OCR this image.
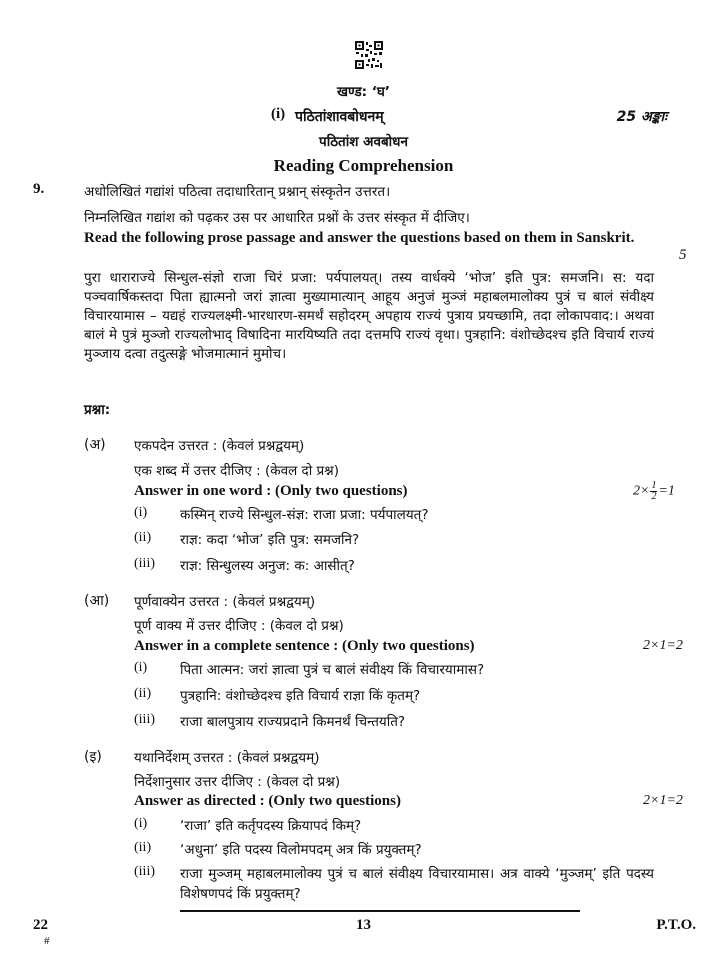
खण्ड: ‘घ’
(i) पठितांशावबोधनम्	25 अङ्काः
पठितांश अवबोधन
Reading Comprehension
9.	अधोलिखितं गद्यांशं पठित्वा तदाधारितान् प्रश्नान् संस्कृतेन उत्तरत।
निम्नलिखित गद्यांश को पढ़कर उस पर आधारित प्रश्नों के उत्तर संस्कृत में दीजिए।
Read the following prose passage and answer the questions based on them in Sanskrit.
5
पुरा धाराराज्ये सिन्धुल-संज्ञो राजा चिरं प्रजा: पर्यपालयत्। तस्य वार्धक्ये ‘भोज’ इति पुत्र: समजनि। स: यदा पञ्चवार्षिकस्तदा पिता ह्यात्मनो जरां ज्ञात्वा मुख्यामात्यान् आहूय अनुजं मुञ्जं महाबलमालोक्य पुत्रं च बालं संवीक्ष्य विचारयामास – यद्यहं राज्यलक्ष्मी-भारधारण-समर्थं सहोदरम् अपहाय राज्यं पुत्राय प्रयच्छामि, तदा लोकापवाद:। अथवा बालं मे पुत्रं मुञ्जो राज्यलोभाद् विषादिना मारयिष्यति तदा दत्तमपि राज्यं वृथा। पुत्रहानि: वंशोच्छेदश्च इति विचार्य राज्यं मुञ्जाय दत्वा तदुत्सङ्गे भोजमात्मानं मुमोच।
प्रश्ना:
(अ) एकपदेन उत्तरत : (केवलं प्रश्नद्वयम्)
एक शब्द में उत्तर दीजिए : (केवल दो प्रश्न)
Answer in one word : (Only two questions)	$2\times \frac{1}{2} =1$
(i) कस्मिन् राज्ये सिन्धुल-संज्ञ: राजा प्रजा: पर्यपालयत्?
(ii) राज्ञ: कदा ‘भोज’ इति पुत्र: समजनि?
(iii) राज्ञ: सिन्धुलस्य अनुज: क: आसीत्?
(आ) पूर्णवाक्येन उत्तरत : (केवलं प्रश्नद्वयम्)
पूर्ण वाक्य में उत्तर दीजिए : (केवल दो प्रश्न)
Answer in a complete sentence : (Only two questions)	2×1=2
(i) पिता आत्मन: जरां ज्ञात्वा पुत्रं च बालं संवीक्ष्य किं विचारयामास?
(ii) पुत्रहानि: वंशोच्छेदश्च इति विचार्य राज्ञा किं कृतम्?
(iii) राजा बालपुत्राय राज्यप्रदाने किमनर्थं चिन्तयति?
(इ) यथानिर्देशम् उत्तरत : (केवलं प्रश्नद्वयम्)
निर्देशानुसार उत्तर दीजिए : (केवल दो प्रश्न)
Answer as directed : (Only two questions)	2×1=2
(i) ‘राजा’ इति कर्तृपदस्य क्रियापदं किम्?
(ii) ‘अधुना’ इति पदस्य विलोमपदम् अत्र किं प्रयुक्तम्?
(iii) राजा मुञ्जम् महाबलमालोक्य पुत्रं च बालं संवीक्ष्य विचारयामास। अत्र वाक्ये ‘मुञ्जम्’ इति पदस्य विशेषणपदं किं प्रयुक्तम्?
22
#
13	P.T.O.
